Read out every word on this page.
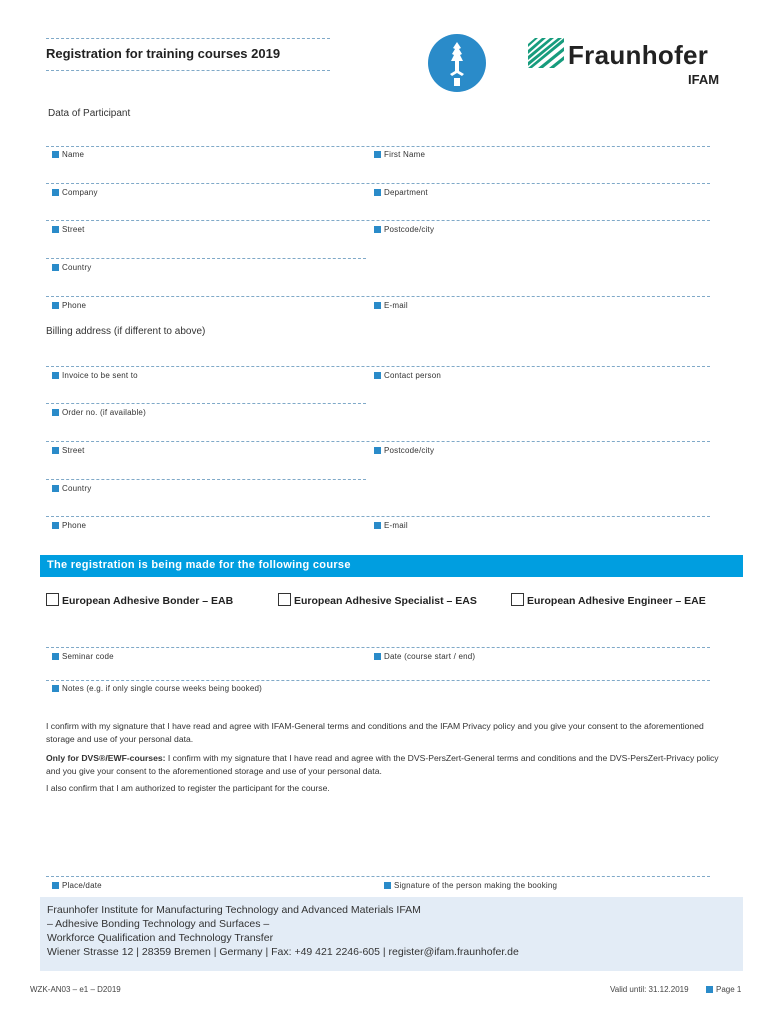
Registration for training courses 2019	Fraunhofer
IFAM
Data of Participant
Name	First Name
Company	Department
Street	Postcode/city
Country
Phone	E-mail
Billing address (if different to above)
Invoice to be sent to	Contact person
Order no. (if available)
Street	Postcode/city
Country
Phone	E-mail
The registration is being made for the following course
European Adhesive Bonder – EAB	European Adhesive Specialist – EAS	European Adhesive Engineer – EAE
Seminar code	Date (course start / end)
Notes (e.g. if only single course weeks being booked)
I confirm with my signature that I have read and agree with IFAM-General terms and conditions and the IFAM Privacy policy and you give your consent to the aforementioned storage and use of your personal data.
Only for DVS®/EWF-courses: I confirm with my signature that I have read and agree with the DVS-PersZert-General terms and conditions and the DVS-PersZert-Privacy policy and you give your consent to the aforementioned storage and use of your personal data.
I also confirm that I am authorized to register the participant for the course.
Place/date	Signature of the person making the booking
Fraunhofer Institute for Manufacturing Technology and Advanced Materials IFAM
– Adhesive Bonding Technology and Surfaces –
Workforce Qualification and Technology Transfer
Wiener Strasse 12 | 28359 Bremen | Germany | Fax: +49 421 2246-605 | register@ifam.fraunhofer.de
WZK-AN03 – e1 – D2019	Valid until: 31.12.2019	Page 1
